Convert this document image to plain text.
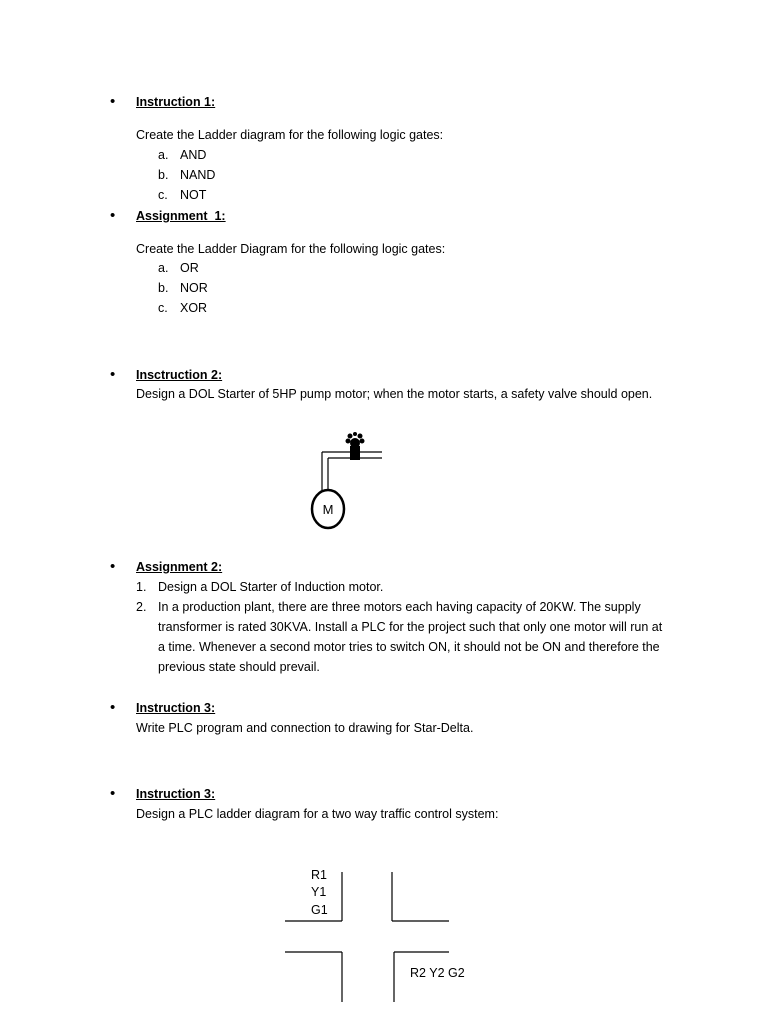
• Instruction 1:
Create the Ladder diagram for the following logic gates:
a. AND
b. NAND
c. NOT
• Assignment  1:
Create the Ladder Diagram for the following logic gates:
a. OR
b. NOR
c. XOR
• Insctruction 2:
Design a DOL Starter of 5HP pump motor; when the motor starts, a safety valve should open.
M
• Assignment 2:
1. Design a DOL Starter of Induction motor.
2. In a production plant, there are three motors each having capacity of 20KW. The supply
transformer is rated 30KVA. Install a PLC for the project such that only one motor will run at
a time. Whenever a second motor tries to switch ON, it should not be ON and therefore the
previous state should prevail.
• Instruction 3:
Write PLC program and connection to drawing for Star-Delta.
• Instruction 3:
Design a PLC ladder diagram for a two way traffic control system:
R1
Y1
G1
R2 Y2 G2
